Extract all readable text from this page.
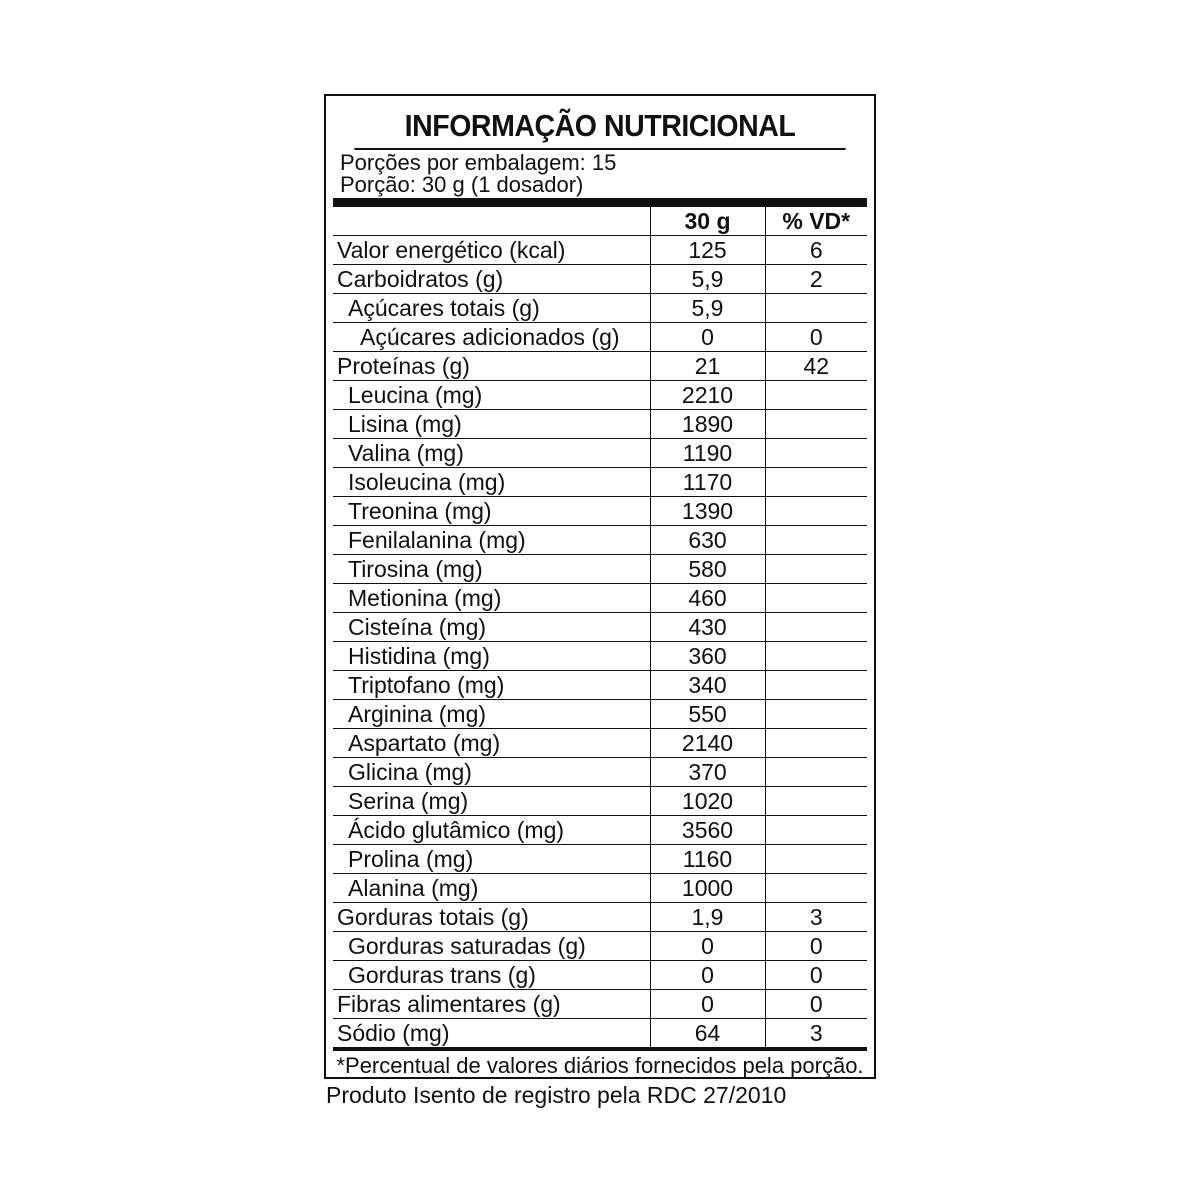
INFORMAÇÃO NUTRICIONAL
Porções por embalagem: 15
Porção: 30 g (1 dosador)
	30 g	% VD*
Valor energético (kcal)	125	6
Carboidratos (g)	5,9	2
Açúcares totais (g)	5,9	
Açúcares adicionados (g)	0	0
Proteínas (g)	21	42
Leucina (mg)	2210	
Lisina (mg)	1890	
Valina (mg)	1190	
Isoleucina (mg)	1170	
Treonina (mg)	1390	
Fenilalanina (mg)	630	
Tirosina (mg)	580	
Metionina (mg)	460	
Cisteína (mg)	430	
Histidina (mg)	360	
Triptofano (mg)	340	
Arginina (mg)	550	
Aspartato (mg)	2140	
Glicina (mg)	370	
Serina (mg)	1020	
Ácido glutâmico (mg)	3560	
Prolina (mg)	1160	
Alanina (mg)	1000	
Gorduras totais (g)	1,9	3
Gorduras saturadas (g)	0	0
Gorduras trans (g)	0	0
Fibras alimentares (g)	0	0
Sódio (mg)	64	3
*Percentual de valores diários fornecidos pela porção.
Produto Isento de registro pela RDC 27/2010
